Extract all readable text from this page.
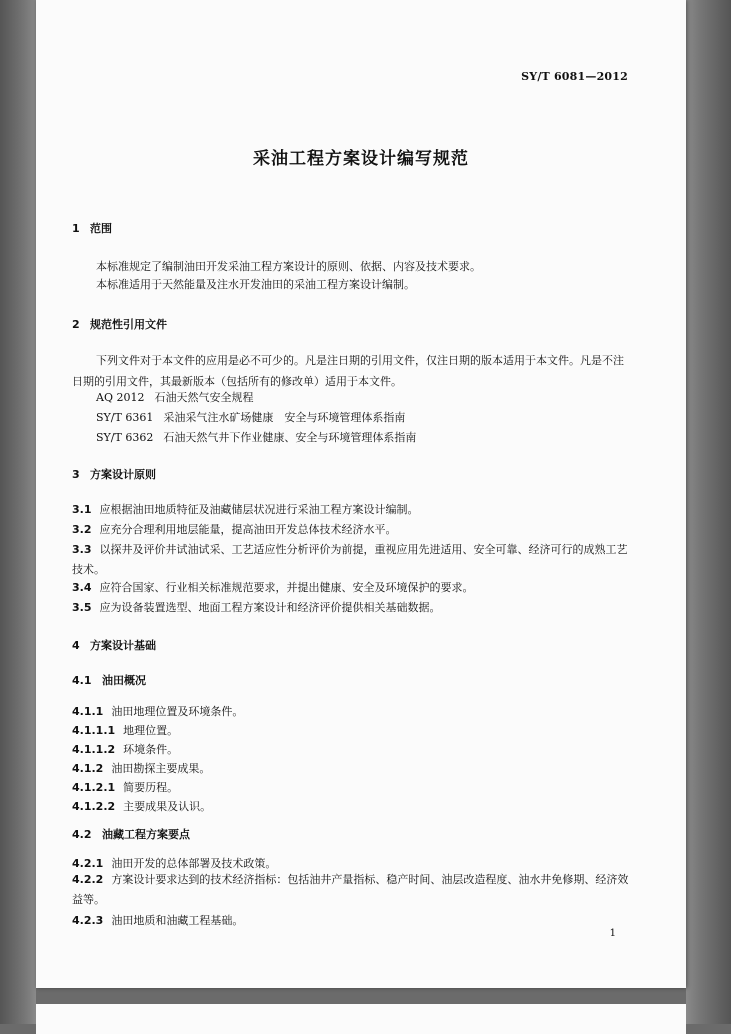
SY/T 6081—2012
采油工程方案设计编写规范
1 范围
本标准规定了编制油田开发采油工程方案设计的原则、依据、内容及技术要求。
本标准适用于天然能量及注水开发油田的采油工程方案设计编制。
2 规范性引用文件
下列文件对于本文件的应用是必不可少的。凡是注日期的引用文件，仅注日期的版本适用于本文件。凡是不注日期的引用文件，其最新版本（包括所有的修改单）适用于本文件。
AQ 2012 石油天然气安全规程
SY/T 6361 采油采气注水矿场健康　安全与环境管理体系指南
SY/T 6362 石油天然气井下作业健康、安全与环境管理体系指南
3 方案设计原则
3.1 应根据油田地质特征及油藏储层状况进行采油工程方案设计编制。
3.2 应充分合理利用地层能量，提高油田开发总体技术经济水平。
3.3 以探井及评价井试油试采、工艺适应性分析评价为前提，重视应用先进适用、安全可靠、经济可行的成熟工艺技术。
3.4 应符合国家、行业相关标准规范要求，并提出健康、安全及环境保护的要求。
3.5 应为设备装置选型、地面工程方案设计和经济评价提供相关基础数据。
4 方案设计基础
4.1 油田概况
4.1.1 油田地理位置及环境条件。
4.1.1.1 地理位置。
4.1.1.2 环境条件。
4.1.2 油田勘探主要成果。
4.1.2.1 简要历程。
4.1.2.2 主要成果及认识。
4.2 油藏工程方案要点
4.2.1 油田开发的总体部署及技术政策。
4.2.2 方案设计要求达到的技术经济指标：包括油井产量指标、稳产时间、油层改造程度、油水井免修期、经济效益等。
4.2.3 油田地质和油藏工程基础。
1
